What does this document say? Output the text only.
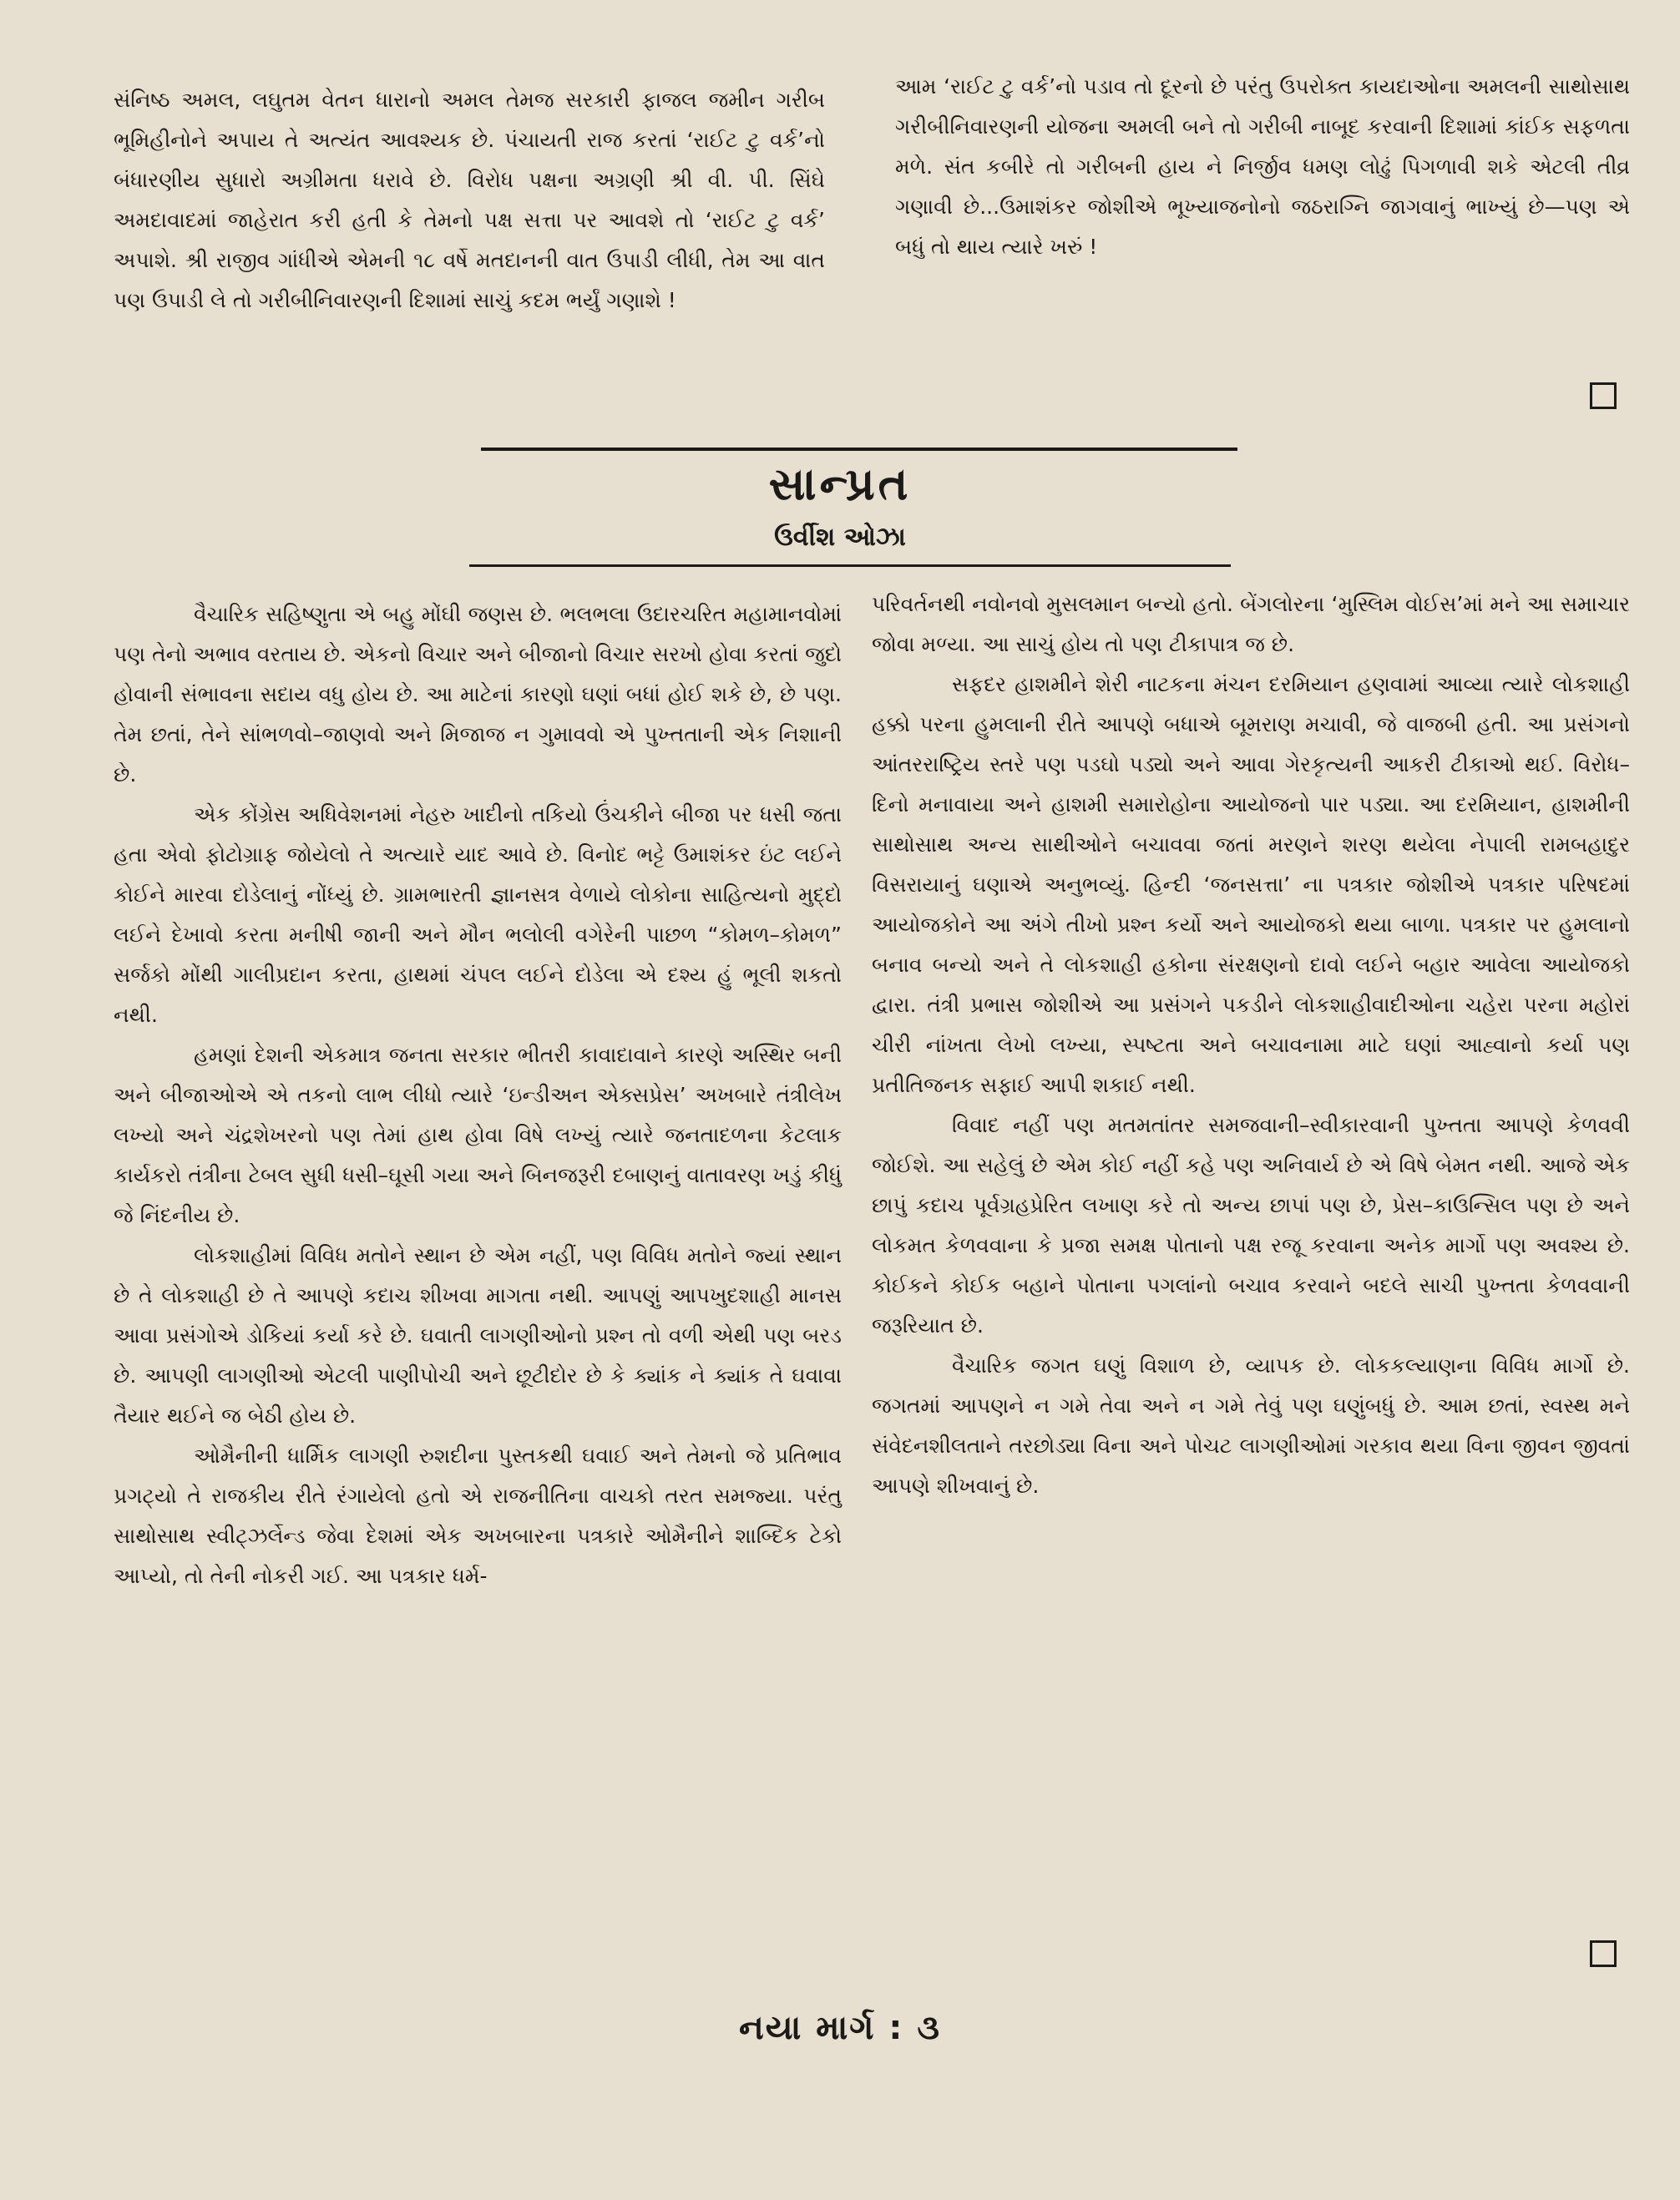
સંનિષ્ઠ અમલ, લઘુતમ વેતન ધારાનો અમલ તેમજ સરકારી ફાજલ જમીન ગરીબ ભૂમિહીનોને અપાય તે અત્યંત આવશ્યક છે. પંચાયતી રાજ કરતાં ‘રાઈટ ટુ વર્ક’નો બંધારણીય સુધારો અગ્રીમતા ધરાવે છે. વિરોધ પક્ષના અગ્રણી શ્રી વી. પી. સિંઘે અમદાવાદમાં જાહેરાત કરી હતી કે તેમનો પક્ષ સત્તા પર આવશે તો ‘રાઈટ ટુ વર્ક’ અપાશે. શ્રી રાજીવ ગાંધીએ એમની ૧૮ વર્ષે મતદાનની વાત ઉપાડી લીધી, તેમ આ વાત પણ ઉપાડી લે તો ગરીબીનિવારણની દિશામાં સાચું કદમ ભર્યું ગણાશે !

આમ ‘રાઈટ ટુ વર્ક’નો પડાવ તો દૂરનો છે પરંતુ ઉપરોક્ત કાયદાઓના અમલની સાથોસાથ ગરીબીનિવારણની યોજના અમલી બને તો ગરીબી નાબૂદ કરવાની દિશામાં કાંઈક સફળતા મળે. સંત કબીરે તો ગરીબની હાય ને નિર્જીવ ધમણ લોઢું પિગળાવી શકે એટલી તીવ્ર ગણાવી છે...ઉમાશંકર જોશીએ ભૂખ્યાજનોનો જઠરાગ્નિ જાગવાનું ભાખ્યું છે—પણ એ બધું તો થાય ત્યારે ખરું !

સાન્પ્રત
ઉર્વીશ ઓઝા

વૈચારિક સહિષ્ણુતા એ બહુ મોંઘી જણસ છે. ભલભલા ઉદારચરિત મહામાનવોમાં પણ તેનો અભાવ વરતાય છે. એકનો વિચાર અને બીજાનો વિચાર સરખો હોવા કરતાં જુદો હોવાની સંભાવના સદાય વધુ હોય છે. આ માટેનાં કારણો ઘણાં બધાં હોઈ શકે છે, છે પણ. તેમ છતાં, તેને સાંભળવો–જાણવો અને મિજાજ ન ગુમાવવો એ પુખ્તતાની એક નિશાની છે.

એક કોંગ્રેસ અધિવેશનમાં નેહરુ ખાદીનો તકિયો ઉંચકીને બીજા પર ધસી જતા હતા એવો ફોટોગ્રાફ જોયેલો તે અત્યારે યાદ આવે છે. વિનોદ ભટ્ટે ઉમાશંકર ઇંટ લઈને કોઈને મારવા દોડેલાનું નોંધ્યું છે. ગ્રામભારતી જ્ઞાનસત્ર વેળાયે લોકોના સાહિત્યનો મુદ્દો લઈને દેખાવો કરતા મનીષી જાની અને મૌન ભલોલી વગેરેની પાછળ “કોમળ–કોમળ” સર્જકો મોંથી ગાલીપ્રદાન કરતા, હાથમાં ચંપલ લઈને દોડેલા એ દશ્ય હું ભૂલી શકતો નથી.

હમણાં દેશની એકમાત્ર જનતા સરકાર ભીતરી કાવાદાવાને કારણે અસ્થિર બની અને બીજાઓએ એ તકનો લાભ લીધો ત્યારે ‘ઇન્ડીઅન એક્સપ્રેસ’ અખબારે તંત્રીલેખ લખ્યો અને ચંદ્રશેખરનો પણ તેમાં હાથ હોવા વિષે લખ્યું ત્યારે જનતાદળના કેટલાક કાર્યકરો તંત્રીના ટેબલ સુધી ધસી–ઘૂસી ગયા અને બિનજરૂરી દબાણનું વાતાવરણ ખડું કીધું જે નિંદનીય છે.

લોકશાહીમાં વિવિધ મતોને સ્થાન છે એમ નહીં, પણ વિવિધ મતોને જ્યાં સ્થાન છે તે લોકશાહી છે તે આપણે કદાચ શીખવા માગતા નથી. આપણું આપખુદશાહી માનસ આવા પ્રસંગોએ ડોકિયાં કર્યા કરે છે. ઘવાતી લાગણીઓનો પ્રશ્ન તો વળી એથી પણ બરડ છે. આપણી લાગણીઓ એટલી પાણીપોચી અને છૂટીદોર છે કે ક્યાંક ને ક્યાંક તે ઘવાવા તૈયાર થઈને જ બેઠી હોય છે.

ઓમૈનીની ધાર્મિક લાગણી રુશદીના પુસ્તકથી ઘવાઈ અને તેમનો જે પ્રતિભાવ પ્રગટ્યો તે રાજકીય રીતે રંગાયેલો હતો એ રાજનીતિના વાચકો તરત સમજ્યા. પરંતુ સાથોસાથ સ્વીટ્ઝર્લેન્ડ જેવા દેશમાં એક અખબારના પત્રકારે ઓમૈનીને શાબ્દિક ટેકો આપ્યો, તો તેની નોકરી ગઈ. આ પત્રકાર ધર્મ-

પરિવર્તનથી નવોનવો મુસલમાન બન્યો હતો. બેંગલોરના ‘મુસ્લિમ વોઈસ’માં મને આ સમાચાર જોવા મળ્યા. આ સાચું હોય તો પણ ટીકાપાત્ર જ છે.

સફદર હાશમીને શેરી નાટકના મંચન દરમિયાન હણવામાં આવ્યા ત્યારે લોકશાહી હક્કો પરના હુમલાની રીતે આપણે બધાએ બૂમરાણ મચાવી, જે વાજબી હતી. આ પ્રસંગનો આંતરરાષ્ટ્રિય સ્તરે પણ પડઘો પડ્યો અને આવા ગેરકૃત્યની આકરી ટીકાઓ થઈ. વિરોધ–દિનો મનાવાયા અને હાશમી સમારોહોના આયોજનો પાર પડ્યા. આ દરમિયાન, હાશમીની સાથોસાથ અન્ય સાથીઓને બચાવવા જતાં મરણને શરણ થયેલા નેપાલી રામબહાદુર વિસરાયાનું ઘણાએ અનુભવ્યું. હિન્દી ‘જનસત્તા’ ના પત્રકાર જોશીએ પત્રકાર પરિષદમાં આયોજકોને આ અંગે તીખો પ્રશ્ન કર્યો અને આયોજકો થયા બાળા. પત્રકાર પર હુમલાનો બનાવ બન્યો અને તે લોકશાહી હકોના સંરક્ષણનો દાવો લઈને બહાર આવેલા આયોજકો દ્વારા. તંત્રી પ્રભાસ જોશીએ આ પ્રસંગને પકડીને લોકશાહીવાદીઓના ચહેરા પરના મહોરાં ચીરી નાંખતા લેખો લખ્યા, સ્પષ્ટતા અને બચાવનામા માટે ઘણાં આહ્વાનો કર્યા પણ પ્રતીતિજનક સફાઈ આપી શકાઈ નથી.

વિવાદ નહીં પણ મતમતાંતર સમજવાની–સ્વીકારવાની પુખ્તતા આપણે કેળવવી જોઈશે. આ સહેલું છે એમ કોઈ નહીં કહે પણ અનિવાર્ય છે એ વિષે બેમત નથી. આજે એક છાપું કદાચ પૂર્વગ્રહપ્રેરિત લખાણ કરે તો અન્ય છાપાં પણ છે, પ્રેસ–કાઉન્સિલ પણ છે અને લોકમત કેળવવાના કે પ્રજા સમક્ષ પોતાનો પક્ષ રજૂ કરવાના અનેક માર્ગો પણ અવશ્ય છે. કોઈકને કોઈક બહાને પોતાના પગલાંનો બચાવ કરવાને બદલે સાચી પુખ્તતા કેળવવાની જરૂરિયાત છે.

વૈચારિક જગત ઘણું વિશાળ છે, વ્યાપક છે. લોકકલ્યાણના વિવિધ માર્ગો છે. જગતમાં આપણને ન ગમે તેવા અને ન ગમે તેવું પણ ઘણુંબધું છે. આમ છતાં, સ્વસ્થ મને સંવેદનશીલતાને તરછોડ્યા વિના અને પોચટ લાગણીઓમાં ગરકાવ થયા વિના જીવન જીવતાં આપણે શીખવાનું છે.

નયા માર્ગ : ૩
